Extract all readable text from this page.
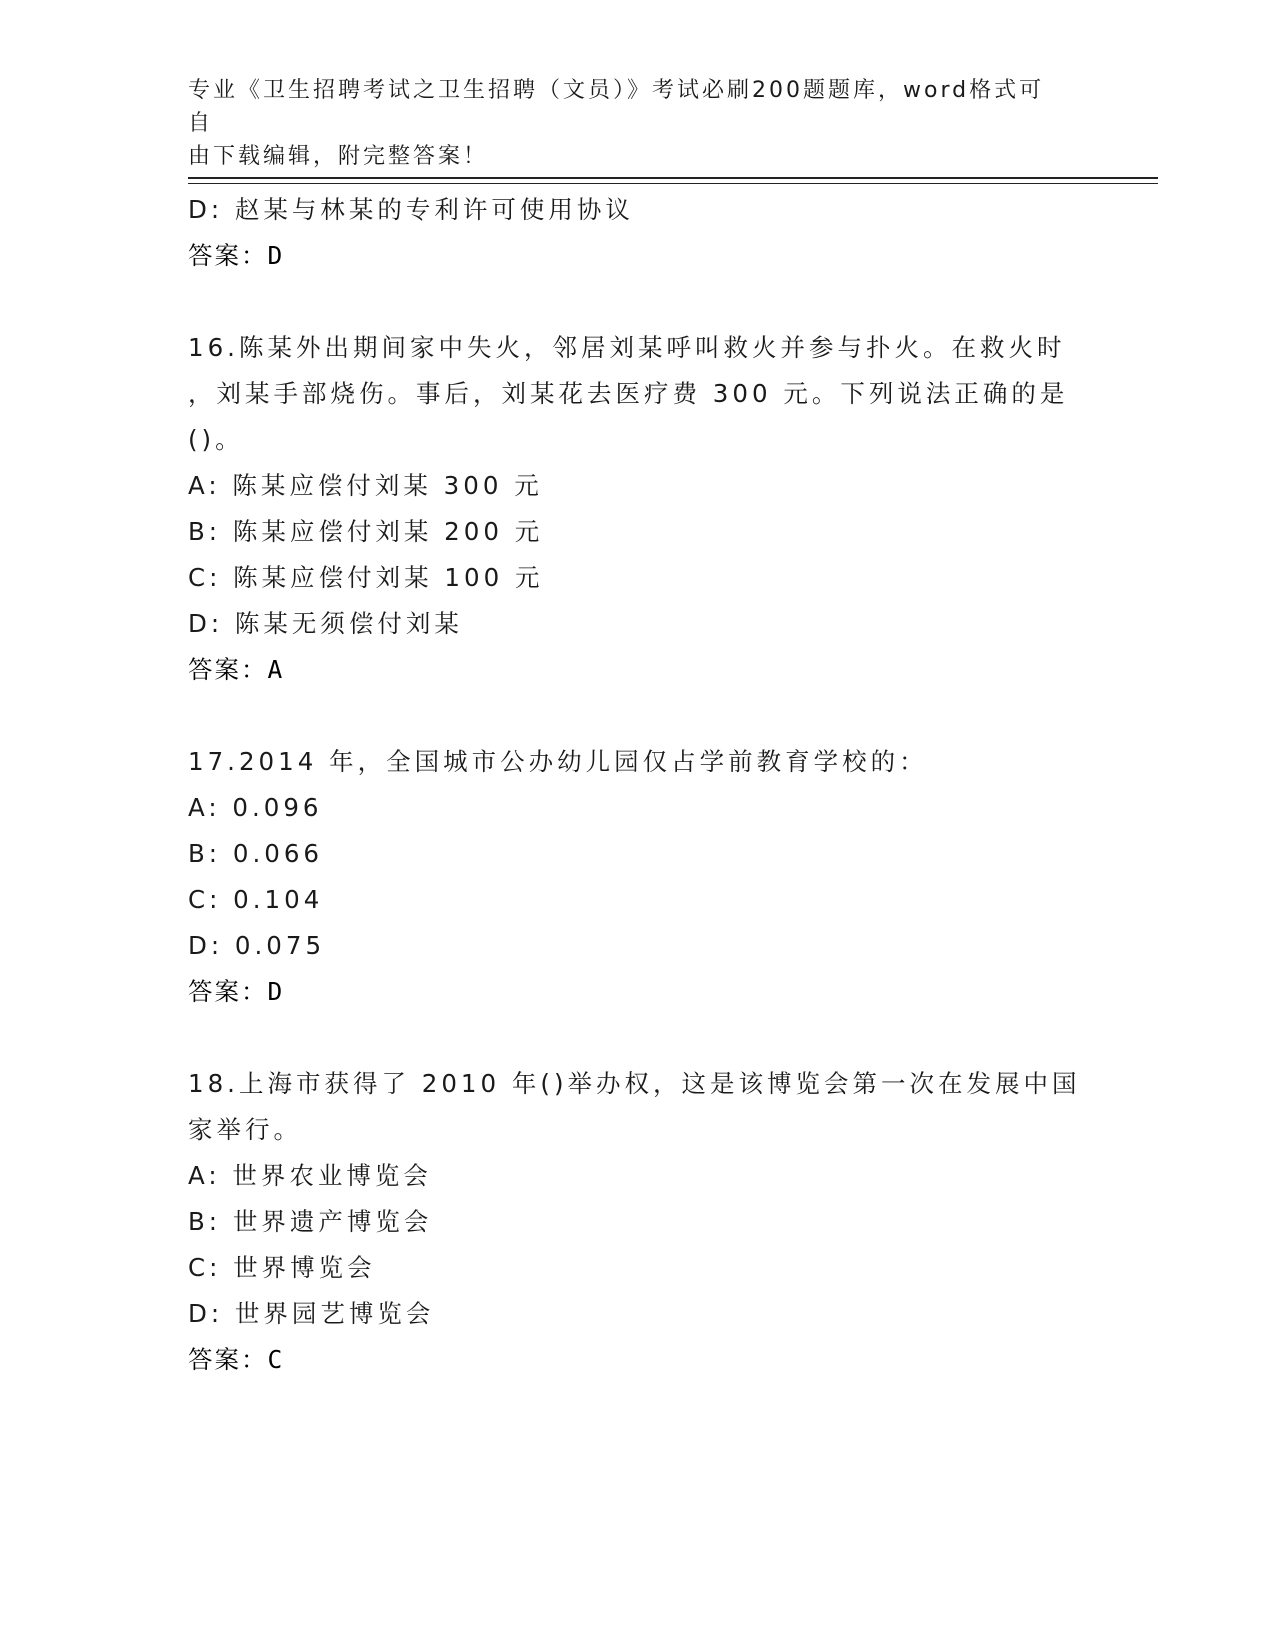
专业《卫生招聘考试之卫生招聘（文员）》考试必刷200题题库，word格式可自
由下载编辑，附完整答案！
D: 赵某与林某的专利许可使用协议
答案：D
16.陈某外出期间家中失火，邻居刘某呼叫救火并参与扑火。在救火时
，刘某手部烧伤。事后，刘某花去医疗费 300 元。下列说法正确的是
()。
A: 陈某应偿付刘某 300 元
B: 陈某应偿付刘某 200 元
C: 陈某应偿付刘某 100 元
D: 陈某无须偿付刘某
答案：A
17.2014 年，全国城市公办幼儿园仅占学前教育学校的：
A: 0.096
B: 0.066
C: 0.104
D: 0.075
答案：D
18.上海市获得了 2010 年()举办权，这是该博览会第一次在发展中国
家举行。
A: 世界农业博览会
B: 世界遗产博览会
C: 世界博览会
D: 世界园艺博览会
答案：C
